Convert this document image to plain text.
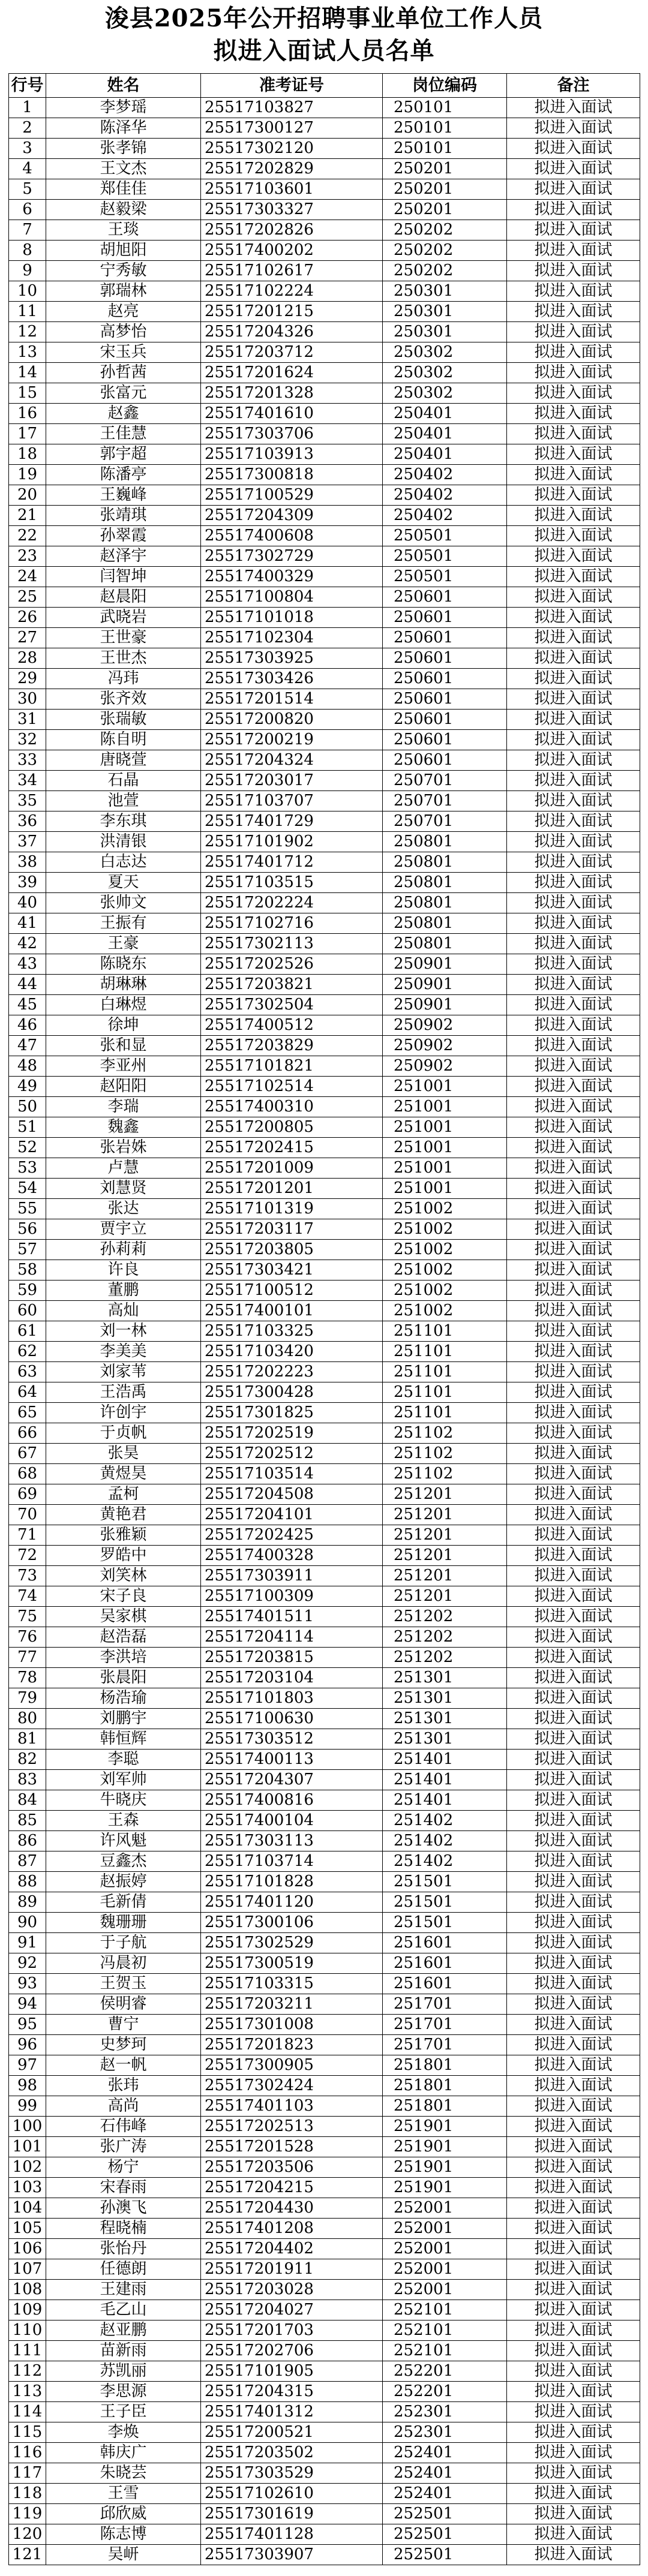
浚县2025年公开招聘事业单位工作人员
拟进入面试人员名单
行号	姓名	准考证号	岗位编码	备注
1	李梦瑶	25517103827	250101	拟进入面试
2	陈泽华	25517300127	250101	拟进入面试
3	张孝锦	25517302120	250101	拟进入面试
4	王文杰	25517202829	250201	拟进入面试
5	郑佳佳	25517103601	250201	拟进入面试
6	赵毅梁	25517303327	250201	拟进入面试
7	王琰	25517202826	250202	拟进入面试
8	胡旭阳	25517400202	250202	拟进入面试
9	宁秀敏	25517102617	250202	拟进入面试
10	郭瑞林	25517102224	250301	拟进入面试
11	赵亮	25517201215	250301	拟进入面试
12	高梦怡	25517204326	250301	拟进入面试
13	宋玉兵	25517203712	250302	拟进入面试
14	孙哲茜	25517201624	250302	拟进入面试
15	张富元	25517201328	250302	拟进入面试
16	赵鑫	25517401610	250401	拟进入面试
17	王佳慧	25517303706	250401	拟进入面试
18	郭宇超	25517103913	250401	拟进入面试
19	陈潘亭	25517300818	250402	拟进入面试
20	王巍峰	25517100529	250402	拟进入面试
21	张靖琪	25517204309	250402	拟进入面试
22	孙翠霞	25517400608	250501	拟进入面试
23	赵泽宇	25517302729	250501	拟进入面试
24	闫智坤	25517400329	250501	拟进入面试
25	赵晨阳	25517100804	250601	拟进入面试
26	武晓岩	25517101018	250601	拟进入面试
27	王世豪	25517102304	250601	拟进入面试
28	王世杰	25517303925	250601	拟进入面试
29	冯玮	25517303426	250601	拟进入面试
30	张齐效	25517201514	250601	拟进入面试
31	张瑞敏	25517200820	250601	拟进入面试
32	陈自明	25517200219	250601	拟进入面试
33	唐晓萱	25517204324	250601	拟进入面试
34	石晶	25517203017	250701	拟进入面试
35	池萱	25517103707	250701	拟进入面试
36	李东琪	25517401729	250701	拟进入面试
37	洪清银	25517101902	250801	拟进入面试
38	白志达	25517401712	250801	拟进入面试
39	夏天	25517103515	250801	拟进入面试
40	张帅文	25517202224	250801	拟进入面试
41	王振有	25517102716	250801	拟进入面试
42	王豪	25517302113	250801	拟进入面试
43	陈晓东	25517202526	250901	拟进入面试
44	胡琳琳	25517203821	250901	拟进入面试
45	白琳煜	25517302504	250901	拟进入面试
46	徐坤	25517400512	250902	拟进入面试
47	张和显	25517203829	250902	拟进入面试
48	李亚州	25517101821	250902	拟进入面试
49	赵阳阳	25517102514	251001	拟进入面试
50	李瑞	25517400310	251001	拟进入面试
51	魏鑫	25517200805	251001	拟进入面试
52	张岩姝	25517202415	251001	拟进入面试
53	卢慧	25517201009	251001	拟进入面试
54	刘慧贤	25517201201	251001	拟进入面试
55	张达	25517101319	251002	拟进入面试
56	贾宇立	25517203117	251002	拟进入面试
57	孙莉莉	25517203805	251002	拟进入面试
58	许良	25517303421	251002	拟进入面试
59	董鹏	25517100512	251002	拟进入面试
60	高灿	25517400101	251002	拟进入面试
61	刘一林	25517103325	251101	拟进入面试
62	李美美	25517103420	251101	拟进入面试
63	刘家苇	25517202223	251101	拟进入面试
64	王浩禹	25517300428	251101	拟进入面试
65	许创宇	25517301825	251101	拟进入面试
66	于贞帆	25517202519	251102	拟进入面试
67	张昊	25517202512	251102	拟进入面试
68	黄煜昊	25517103514	251102	拟进入面试
69	孟柯	25517204508	251201	拟进入面试
70	黄艳君	25517204101	251201	拟进入面试
71	张雅颖	25517202425	251201	拟进入面试
72	罗皓中	25517400328	251201	拟进入面试
73	刘笑林	25517303911	251201	拟进入面试
74	宋子良	25517100309	251201	拟进入面试
75	吴家棋	25517401511	251202	拟进入面试
76	赵浩磊	25517204114	251202	拟进入面试
77	李洪培	25517203815	251202	拟进入面试
78	张晨阳	25517203104	251301	拟进入面试
79	杨浩瑜	25517101803	251301	拟进入面试
80	刘鹏宇	25517100630	251301	拟进入面试
81	韩恒辉	25517303512	251301	拟进入面试
82	李聪	25517400113	251401	拟进入面试
83	刘军帅	25517204307	251401	拟进入面试
84	牛晓庆	25517400816	251401	拟进入面试
85	王森	25517400104	251402	拟进入面试
86	许风魁	25517303113	251402	拟进入面试
87	豆鑫杰	25517103714	251402	拟进入面试
88	赵振婷	25517101828	251501	拟进入面试
89	毛新倩	25517401120	251501	拟进入面试
90	魏珊珊	25517300106	251501	拟进入面试
91	于子航	25517302529	251601	拟进入面试
92	冯晨初	25517300519	251601	拟进入面试
93	王贺玉	25517103315	251601	拟进入面试
94	侯明睿	25517203211	251701	拟进入面试
95	曹宁	25517301008	251701	拟进入面试
96	史梦珂	25517201823	251701	拟进入面试
97	赵一帆	25517300905	251801	拟进入面试
98	张玮	25517302424	251801	拟进入面试
99	高尚	25517401103	251801	拟进入面试
100	石伟峰	25517202513	251901	拟进入面试
101	张广涛	25517201528	251901	拟进入面试
102	杨宁	25517203506	251901	拟进入面试
103	宋春雨	25517204215	251901	拟进入面试
104	孙澳飞	25517204430	252001	拟进入面试
105	程晓楠	25517401208	252001	拟进入面试
106	张怡丹	25517204402	252001	拟进入面试
107	任德朗	25517201911	252001	拟进入面试
108	王建雨	25517203028	252001	拟进入面试
109	毛乙山	25517204027	252101	拟进入面试
110	赵亚鹏	25517201703	252101	拟进入面试
111	苗新雨	25517202706	252101	拟进入面试
112	苏凯丽	25517101905	252201	拟进入面试
113	李思源	25517204315	252201	拟进入面试
114	王子臣	25517401312	252301	拟进入面试
115	李焕	25517200521	252301	拟进入面试
116	韩庆广	25517203502	252401	拟进入面试
117	朱晓芸	25517303529	252401	拟进入面试
118	王雪	25517102610	252401	拟进入面试
119	邱欣威	25517301619	252501	拟进入面试
120	陈志博	25517401128	252501	拟进入面试
121	吴岍	25517303907	252501	拟进入面试
